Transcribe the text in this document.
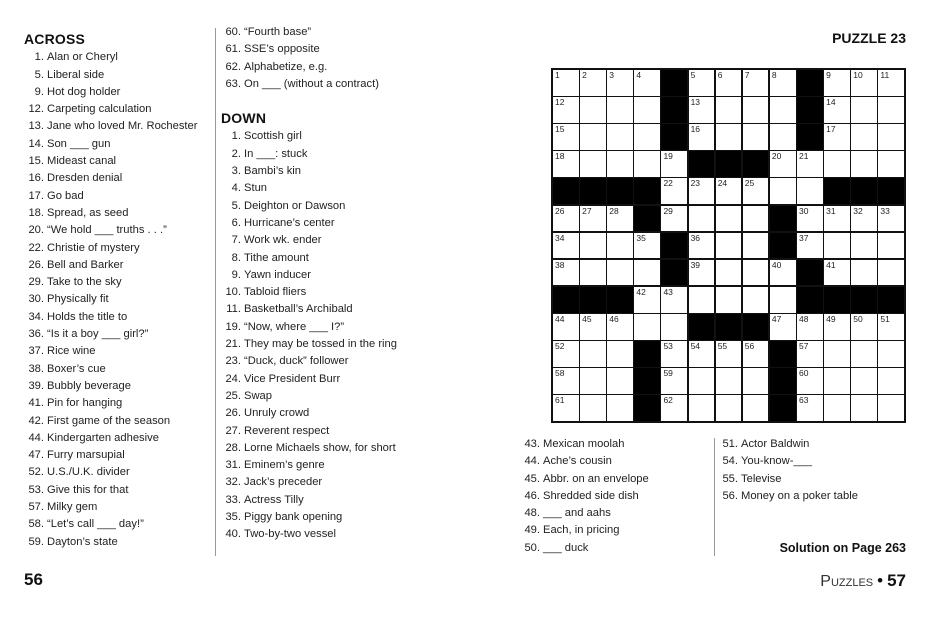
ACROSS
1. Alan or Cheryl
5. Liberal side
9. Hot dog holder
12. Carpeting calculation
13. Jane who loved Mr. Rochester
14. Son ___ gun
15. Mideast canal
16. Dresden denial
17. Go bad
18. Spread, as seed
20. “We hold ___ truths . . .”
22. Christie of mystery
26. Bell and Barker
29. Take to the sky
30. Physically fit
34. Holds the title to
36. “Is it a boy ___ girl?”
37. Rice wine
38. Boxer’s cue
39. Bubbly beverage
41. Pin for hanging
42. First game of the season
44. Kindergarten adhesive
47. Furry marsupial
52. U.S./U.K. divider
53. Give this for that
57. Milky gem
58. “Let’s call ___ day!”
59. Dayton’s state
60. “Fourth base”
61. SSE’s opposite
62. Alphabetize, e.g.
63. On ___ (without a contract)
DOWN
1. Scottish girl
2. In ___: stuck
3. Bambi’s kin
4. Stun
5. Deighton or Dawson
6. Hurricane’s center
7. Work wk. ender
8. Tithe amount
9. Yawn inducer
10. Tabloid fliers
11. Basketball’s Archibald
19. “Now, where ___ I?”
21. They may be tossed in the ring
23. “Duck, duck” follower
24. Vice President Burr
25. Swap
26. Unruly crowd
27. Reverent respect
28. Lorne Michaels show, for short
31. Eminem’s genre
32. Jack’s preceder
33. Actress Tilly
35. Piggy bank opening
40. Two-by-two vessel
56
PUZZLE 23
1	2	3	4	5	6	7	8	9	10 11
12	13	14
15	16	17
18	19	20 21
22 23 24 25
26 27 28	29	30 31 32 33
34	35	36	37
38	39	40	41
42 43
44 45 46	47 48 49 50 51
52	53 54 55 56	57
58	59	60
61	62	63
43. Mexican moolah
44. Ache’s cousin
45. Abbr. on an envelope
46. Shredded side dish
48. ___ and aahs
49. Each, in pricing
50. ___ duck
51. Actor Baldwin
54. You-know-___
55. Televise
56. Money on a poker table
Solution on Page 263
Puzzles • 57
